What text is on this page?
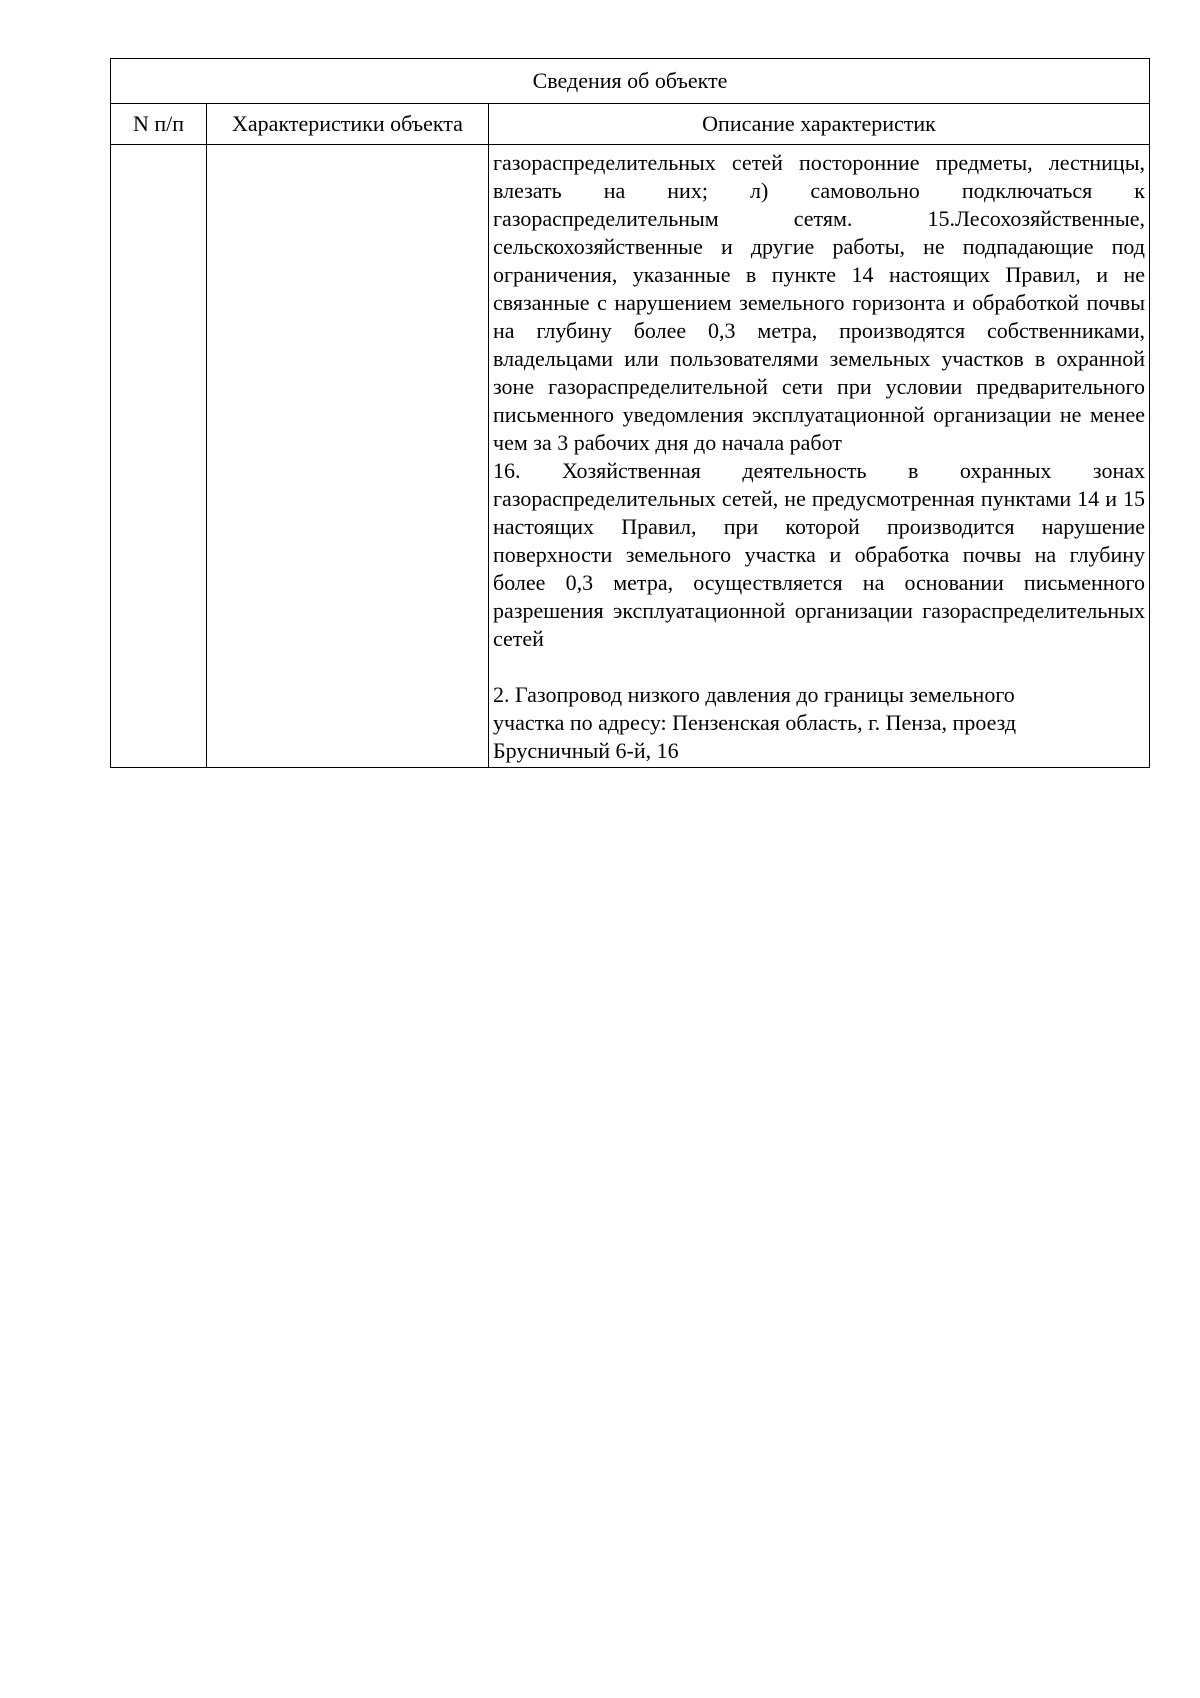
Сведения об объекте		
N п/п	Характеристики объекта	Описание характеристик

		газораспределительных сетей посторонние предметы, лестницы, влезать на них; л) самовольно подключаться к газораспределительным сетям. 15.Лесохозяйственные, сельскохозяйственные и другие работы, не подпадающие под ограничения, указанные в пункте 14 настоящих Правил, и не связанные с нарушением земельного горизонта и обработкой почвы на глубину более 0,3 метра, производятся собственниками, владельцами или пользователями земельных участков в охранной зоне газораспределительной сети при условии предварительного письменного уведомления эксплуатационной организации не менее чем за 3 рабочих дня до начала работ

16. Хозяйственная деятельность в охранных зонах газораспределительных сетей, не предусмотренная пунктами 14 и 15 настоящих Правил, при которой производится нарушение поверхности земельного участка и обработка почвы на глубину более 0,3 метра, осуществляется на основании письменного разрешения эксплуатационной организации газораспределительных сетей

2. Газопровод низкого давления до границы земельного участка по адресу: Пензенская область, г. Пенза, проезд Брусничный 6-й, 16
